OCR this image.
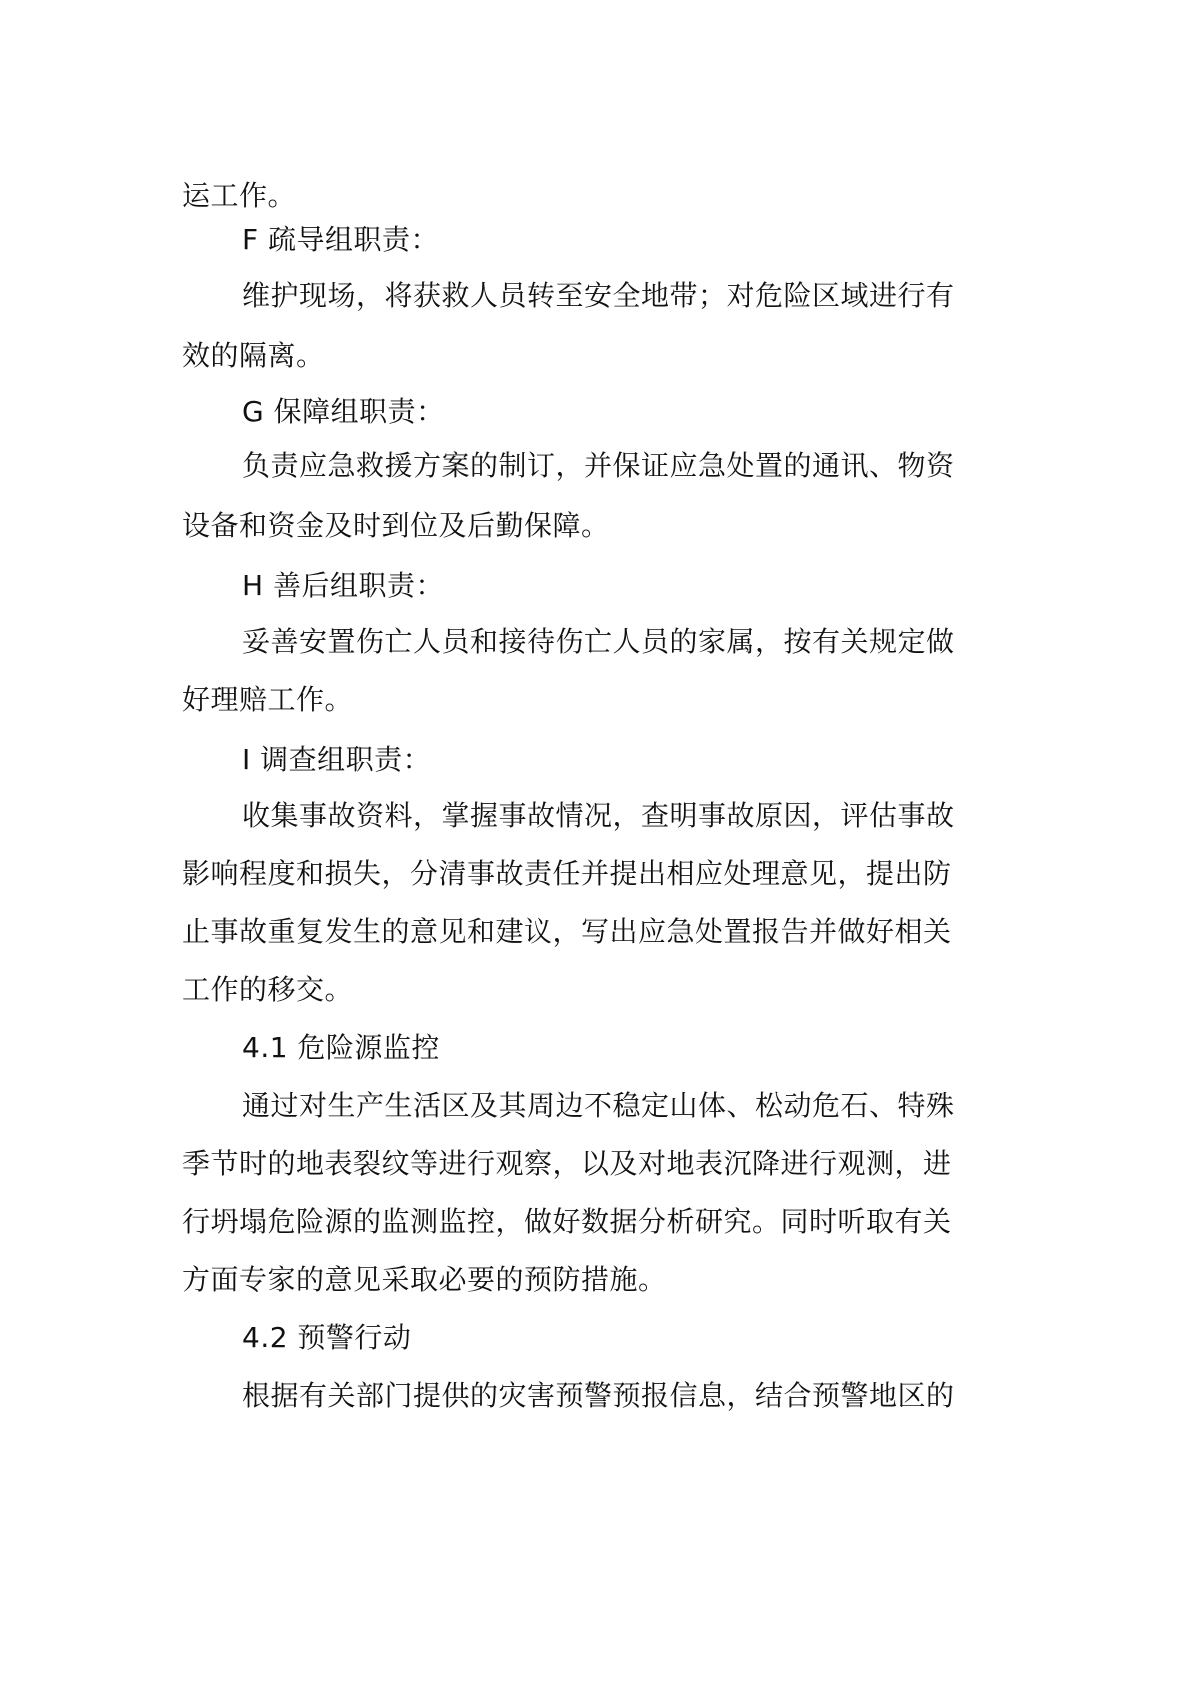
运工作。
F 疏导组职责：
维护现场，将获救人员转至安全地带；对危险区域进行有
效的隔离。
G 保障组职责：
负责应急救援方案的制订，并保证应急处置的通讯、物资
设备和资金及时到位及后勤保障。
H 善后组职责：
妥善安置伤亡人员和接待伤亡人员的家属，按有关规定做
好理赔工作。
I 调查组职责：
收集事故资料，掌握事故情况，查明事故原因，评估事故
影响程度和损失，分清事故责任并提出相应处理意见，提出防
止事故重复发生的意见和建议，写出应急处置报告并做好相关
工作的移交。
4.1 危险源监控
通过对生产生活区及其周边不稳定山体、松动危石、特殊
季节时的地表裂纹等进行观察，以及对地表沉降进行观测，进
行坍塌危险源的监测监控，做好数据分析研究。同时听取有关
方面专家的意见采取必要的预防措施。
4.2 预警行动
根据有关部门提供的灾害预警预报信息，结合预警地区的
